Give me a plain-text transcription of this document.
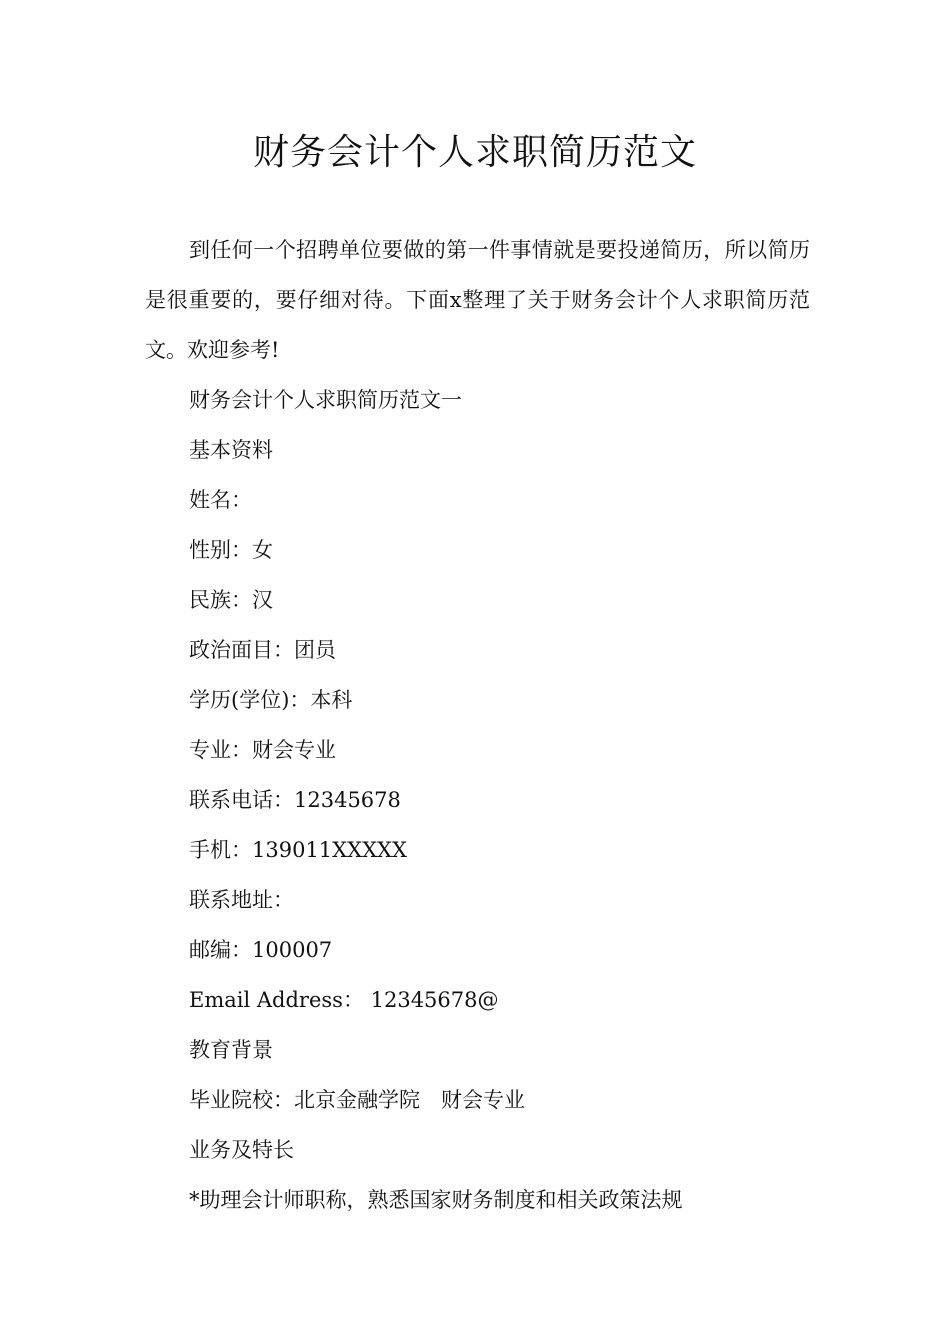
财务会计个人求职简历范文

到任何一个招聘单位要做的第一件事情就是要投递简历，所以简历是很重要的，要仔细对待。下面x整理了关于财务会计个人求职简历范文。欢迎参考!

财务会计个人求职简历范文一

基本资料

姓名：

性别：女

民族：汉

政治面目：团员

学历(学位)：本科

专业：财会专业

联系电话：12345678

手机：139011XXXXX

联系地址：

邮编：100007

Email Address： 12345678@

教育背景

毕业院校：北京金融学院　财会专业

业务及特长

*助理会计师职称，熟悉国家财务制度和相关政策法规
